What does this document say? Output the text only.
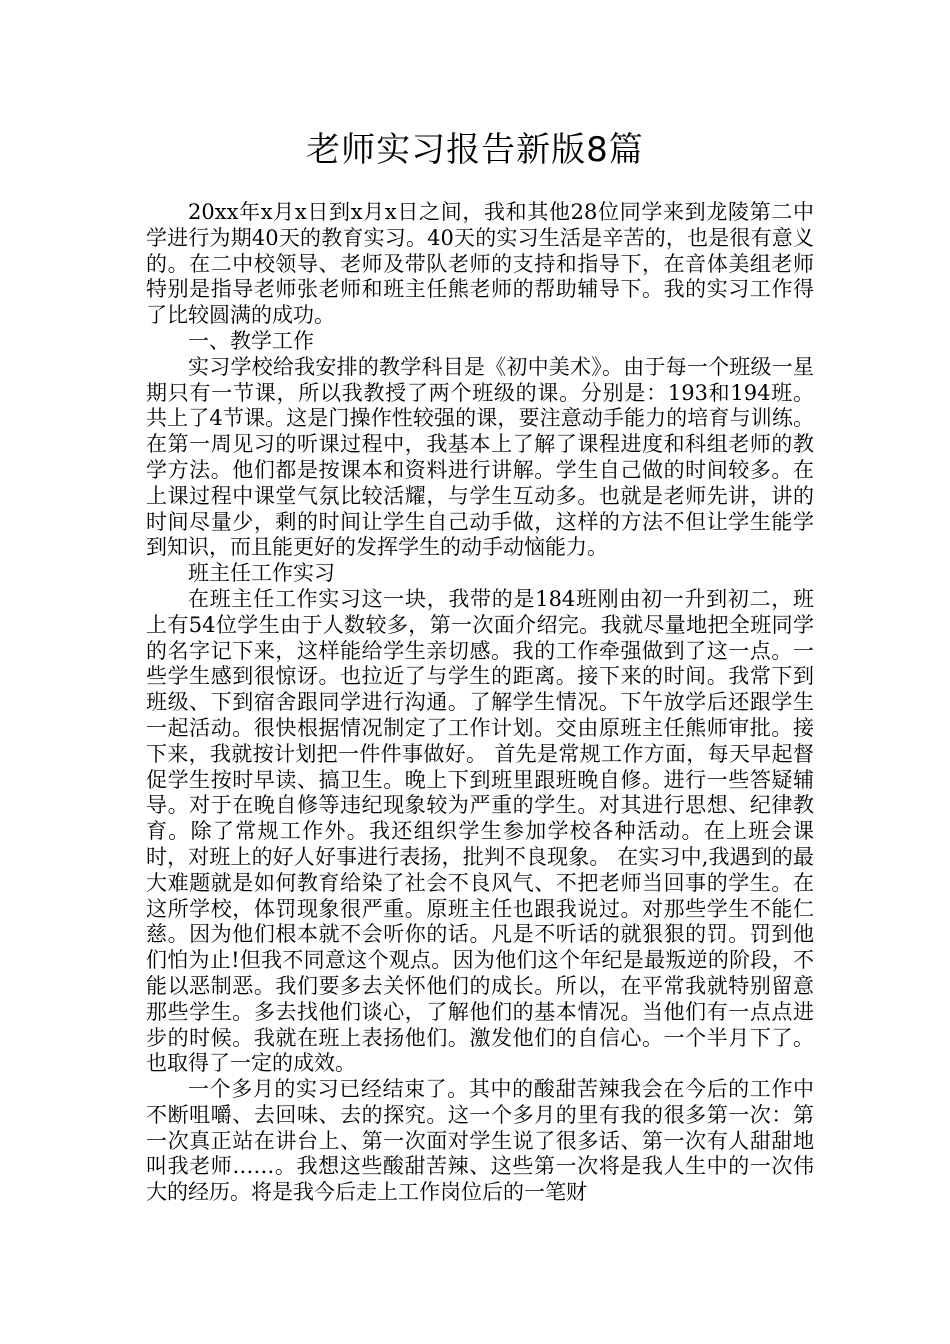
老师实习报告新版8篇

20xx年x月x日到x月x日之间，我和其他28位同学来到龙陵第二中学进行为期40天的教育实习。40天的实习生活是辛苦的，也是很有意义的。在二中校领导、老师及带队老师的支持和指导下，在音体美组老师特别是指导老师张老师和班主任熊老师的帮助辅导下。我的实习工作得了比较圆满的成功。

一、教学工作

实习学校给我安排的教学科目是《初中美术》。由于每一个班级一星期只有一节课，所以我教授了两个班级的课。分别是：193和194班。共上了4节课。这是门操作性较强的课，要注意动手能力的培育与训练。在第一周见习的听课过程中，我基本上了解了课程进度和科组老师的教学方法。他们都是按课本和资料进行讲解。学生自己做的时间较多。在上课过程中课堂气氛比较活耀，与学生互动多。也就是老师先讲，讲的时间尽量少，剩的时间让学生自己动手做，这样的方法不但让学生能学到知识，而且能更好的发挥学生的动手动恼能力。

班主任工作实习

在班主任工作实习这一块，我带的是184班刚由初一升到初二，班上有54位学生由于人数较多，第一次面介绍完。我就尽量地把全班同学的名字记下来，这样能给学生亲切感。我的工作牵强做到了这一点。一些学生感到很惊讶。也拉近了与学生的距离。接下来的时间。我常下到班级、下到宿舍跟同学进行沟通。了解学生情况。下午放学后还跟学生一起活动。很快根据情况制定了工作计划。交由原班主任熊师审批。接下来，我就按计划把一件件事做好。 首先是常规工作方面，每天早起督促学生按时早读、搞卫生。晚上下到班里跟班晚自修。进行一些答疑辅导。对于在晚自修等违纪现象较为严重的学生。对其进行思想、纪律教育。除了常规工作外。我还组织学生参加学校各种活动。在上班会课时，对班上的好人好事进行表扬，批判不良现象。 在实习中,我遇到的最大难题就是如何教育给染了社会不良风气、不把老师当回事的学生。在这所学校，体罚现象很严重。原班主任也跟我说过。对那些学生不能仁慈。因为他们根本就不会听你的话。凡是不听话的就狠狠的罚。罚到他们怕为止!但我不同意这个观点。因为他们这个年纪是最叛逆的阶段，不能以恶制恶。我们要多去关怀他们的成长。所以，在平常我就特别留意那些学生。多去找他们谈心，了解他们的基本情况。当他们有一点点进步的时候。我就在班上表扬他们。激发他们的自信心。一个半月下了。也取得了一定的成效。

一个多月的实习已经结束了。其中的酸甜苦辣我会在今后的工作中不断咀嚼、去回味、去的探究。这一个多月的里有我的很多第一次：第一次真正站在讲台上、第一次面对学生说了很多话、第一次有人甜甜地叫我老师……。我想这些酸甜苦辣、这些第一次将是我人生中的一次伟大的经历。将是我今后走上工作岗位后的一笔财
